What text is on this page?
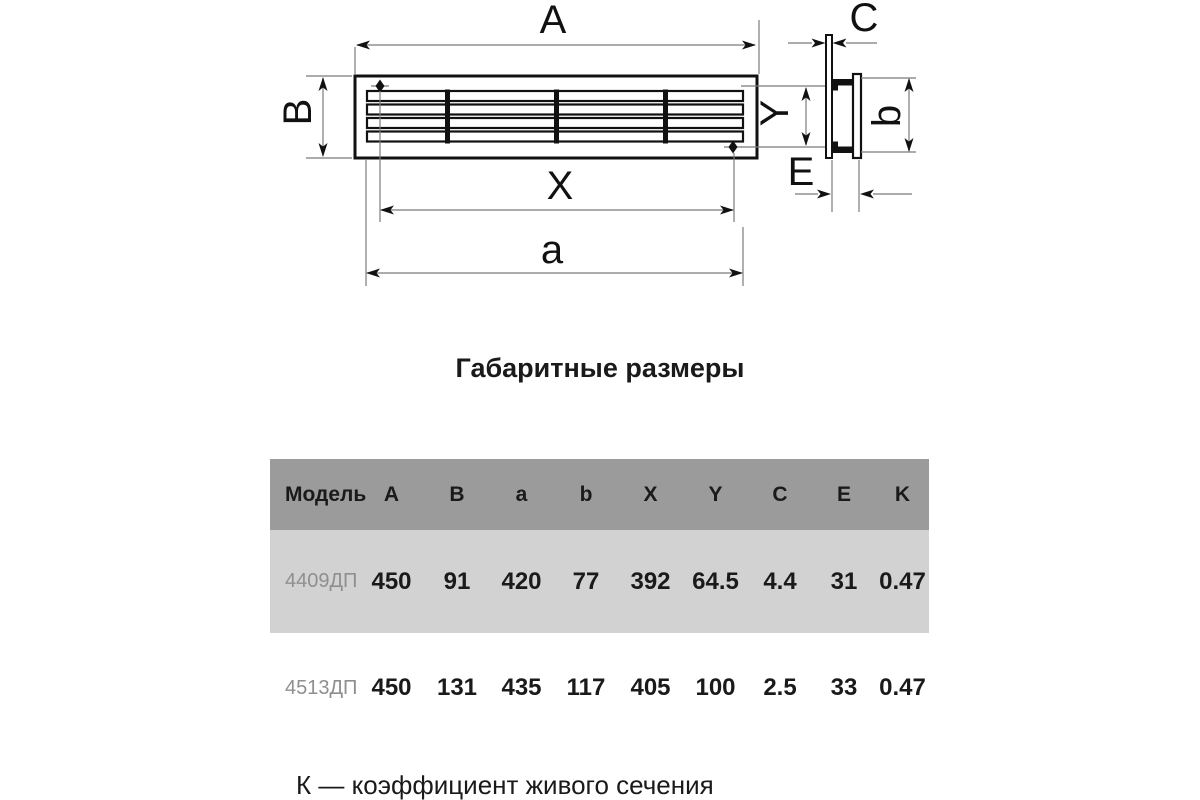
A
B
X
a
Y
C
b
E
Габаритные размеры
Модель A	B	a	b	X	Y	C	E	K
4409ДП 450	91	420	77	392 64.5	4.4	31 0.47
4513ДП 450	131	435	117	405	100	2.5	33 0.47
К — коэффициент живого сечения
